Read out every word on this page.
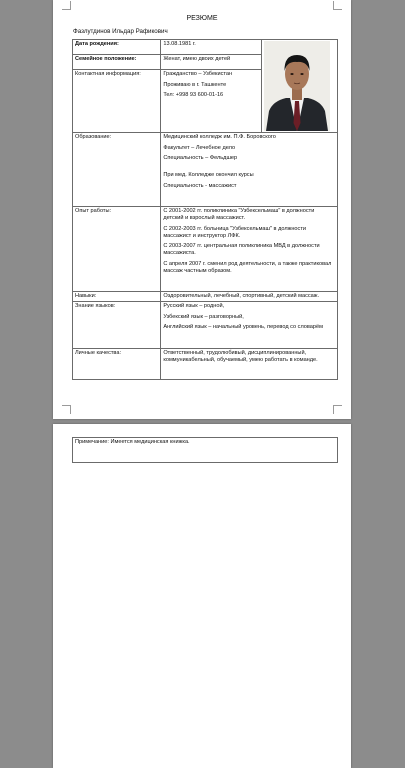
РЕЗЮМЕ
Фазлутдинов Ильдар Рафикович
Дата рождения:	13.08.1981 г.	

Семейное положение:	Женат, имею двоих детей	
Контактная информация:	Гражданство – Узбекистан

Проживаю в г. Ташкенте

Тел: +998 93 600-01-16	

Образование:	Медицинский колледж им. П.Ф. Боровского

Факультет – Лечебное дело

Специальность – Фельдшер

При мед. Колледже окончил курсы

Специальность - массажист	

Опыт работы:	С 2001-2002 гг. поликлиника "Узбексельмаш" в должности детский и взрослый массажист.

С 2002-2003 гг. больница "Узбексельмаш" в должности массажист и инструктор ЛФК.

С 2003-2007 гг. центральная поликлиника МВД в должности массажиста.

С апреля 2007 г. сменил род деятельности, а также практиковал массаж частным образом.	

Навыки:	Оздоровительный, лечебный, спортивный, детский массаж.	
Знание языков:	Русский язык – родной,

Узбекский язык – разговорный,

Английский язык – начальный уровень, перевод со словарём	

Личные качества:	Ответственный, трудолюбивый, дисциплинированный, коммуникабельный, обучаемый, умею работать в команде.	
Примечание: Имеется медицинская книжка.
